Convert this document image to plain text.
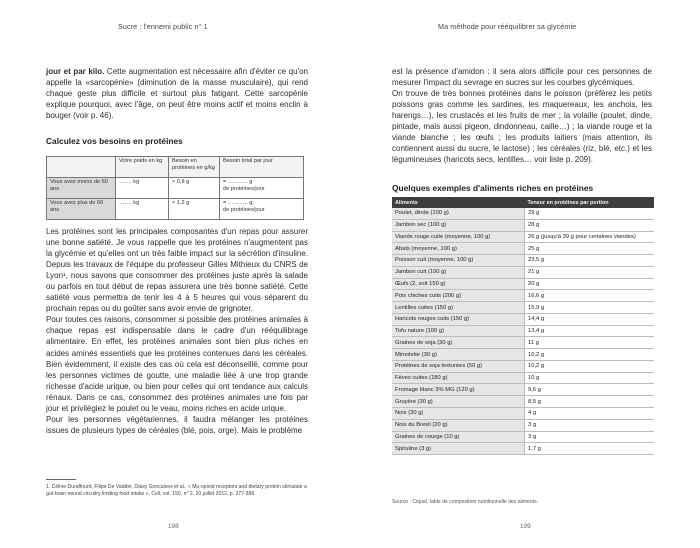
Sucre : l'ennemi public n° 1

jour et par kilo. Cette augmentation est nécessaire afin d'éviter ce qu'on appelle la «sarcopénie» (diminution de la masse musculaire), qui rend chaque geste plus difficile et surtout plus fatigant. Cette sarcopénie explique pourquoi, avec l'âge, on peut être moins actif et moins enclin à bouger (voir p. 46).

Calculez vos besoins en protéines
	Votre poids en kg	Besoin en protéines en g/kg	Besoin total par jour
Vous avez moins de 60 ans	……. kg	× 0,8 g	= ……….. g
de protéines/jour

Vous avez plus de 60 ans	……. kg	× 1,2 g	= ……….. g
de protéines/jour

Les protéines sont les principales composantes d'un repas pour assurer une bonne satiété. Je vous rappelle que les protéines n'augmentent pas la glycémie et qu'elles ont un très faible impact sur la sécrétion d'insuline. Depuis les travaux de l'équipe du professeur Gilles Mithieux du CNRS de Lyon¹, nous savons que consommer des protéines juste après la salade ou parfois en tout début de repas assurera une très bonne satiété. Cette satiété vous permettra de tenir les 4 à 5 heures qui vous séparent du prochain repas ou du goûter sans avoir envie de grignoter.

Pour toutes ces raisons, consommer si possible des protéines animales à chaque repas est indispensable dans le cadre d'un rééquilibrage alimentaire. En effet, les protéines animales sont bien plus riches en acides aminés essentiels que les protéines contenues dans les céréales. Bien évidemment, il existe des cas où cela est déconseillé, comme pour les personnes victimes de goutte, une maladie liée à une trop grande richesse d'acide urique, ou bien pour celles qui ont tendance aux calculs rénaux. Dans ce cas, consommez des protéines animales une fois par jour et privilégiez le poulet ou le veau, moins riches en acide urique.

Pour les personnes végétariennes, il faudra mélanger les protéines issues de plusieurs types de céréales (blé, pois, orge). Mais le problème

1. Céline Duraffourd, Filipe De Vadder, Daisy Goncalves et al., « Mu-opioid receptors and dietary protein stimulate a gut-brain neural circuitry limiting food intake », Cell, vol. 150, n° 2, 20 juillet 2012, p. 377-388.
198
Ma méthode pour rééquilibrer sa glycémie

est la présence d'amidon : il sera alors difficile pour ces personnes de mesurer l'impact du sevrage en sucres sur les courbes glycémiques.

On trouve de très bonnes protéines dans le poisson (préférez les petits poissons gras comme les sardines, les maquereaux, les anchois, les harengs…), les crustacés et les fruits de mer ; la volaille (poulet, dinde, pintade, mais aussi pigeon, dindonneau, caille…) ; la viande rouge et la viande blanche ; les œufs ; les produits laitiers (mais attention, ils contiennent aussi du sucre, le lactose) ; les céréales (riz, blé, etc.) et les légumineuses (haricots secs, lentilles… voir liste p. 209).

Quelques exemples d'aliments riches en protéines
Aliments	Teneur en protéines par portion
Poulet, dinde (100 g)	29 g
Jambon sec (100 g)	28 g
Viande rouge cuite (moyenne, 100 g)	26 g (jusqu'à 39 g pour certaines viandes)
Abats (moyenne, 100 g)	25 g
Poisson cuit (moyenne, 100 g)	23,5 g
Jambon cuit (100 g)	21 g
Œufs (2, soit 150 g)	20 g
Pois chiches cuits (200 g)	16,6 g
Lentilles cuites (150 g)	15,9 g
Haricots rouges cuits (150 g)	14,4 g
Tofu nature (100 g)	13,4 g
Graines de soja (30 g)	11 g
Mimolette (30 g)	10,2 g
Protéines de soja texturées (50 g)	10,2 g
Fèves cuites (180 g)	10 g
Fromage blanc 3% MG (120 g)	9,6 g
Gruyère (30 g)	8,5 g
Noix (30 g)	4 g
Noix du Brésil (20 g)	3 g
Graines de courge (10 g)	3 g
Spiruline (3 g)	1,7 g
Source : Ciqual, table de composition nutritionnelle des aliments.
199
